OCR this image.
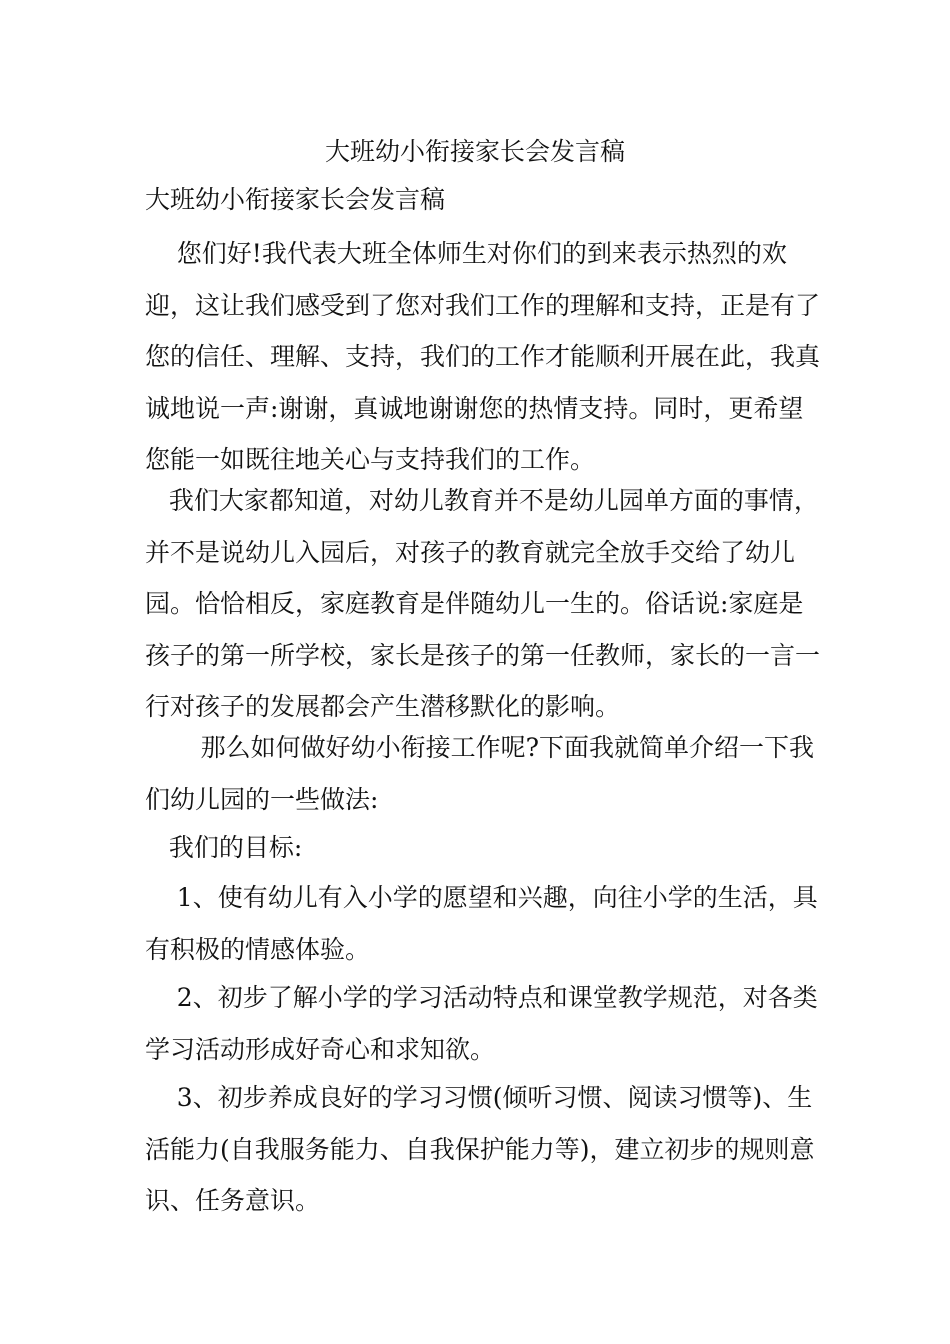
大班幼小衔接家长会发言稿

大班幼小衔接家长会发言稿

您们好!我代表大班全体师生对你们的到来表示热烈的欢迎，这让我们感受到了您对我们工作的理解和支持，正是有了您的信任、理解、支持，我们的工作才能顺利开展在此，我真诚地说一声:谢谢，真诚地谢谢您的热情支持。同时，更希望您能一如既往地关心与支持我们的工作。

我们大家都知道，对幼儿教育并不是幼儿园单方面的事情，并不是说幼儿入园后，对孩子的教育就完全放手交给了幼儿园。恰恰相反，家庭教育是伴随幼儿一生的。俗话说:家庭是孩子的第一所学校，家长是孩子的第一任教师，家长的一言一行对孩子的发展都会产生潜移默化的影响。

那么如何做好幼小衔接工作呢?下面我就简单介绍一下我们幼儿园的一些做法:

我们的目标:

1、使有幼儿有入小学的愿望和兴趣，向往小学的生活，具有积极的情感体验。

2、初步了解小学的学习活动特点和课堂教学规范，对各类学习活动形成好奇心和求知欲。

3、初步养成良好的学习习惯(倾听习惯、阅读习惯等)、生活能力(自我服务能力、自我保护能力等)，建立初步的规则意识、任务意识。
